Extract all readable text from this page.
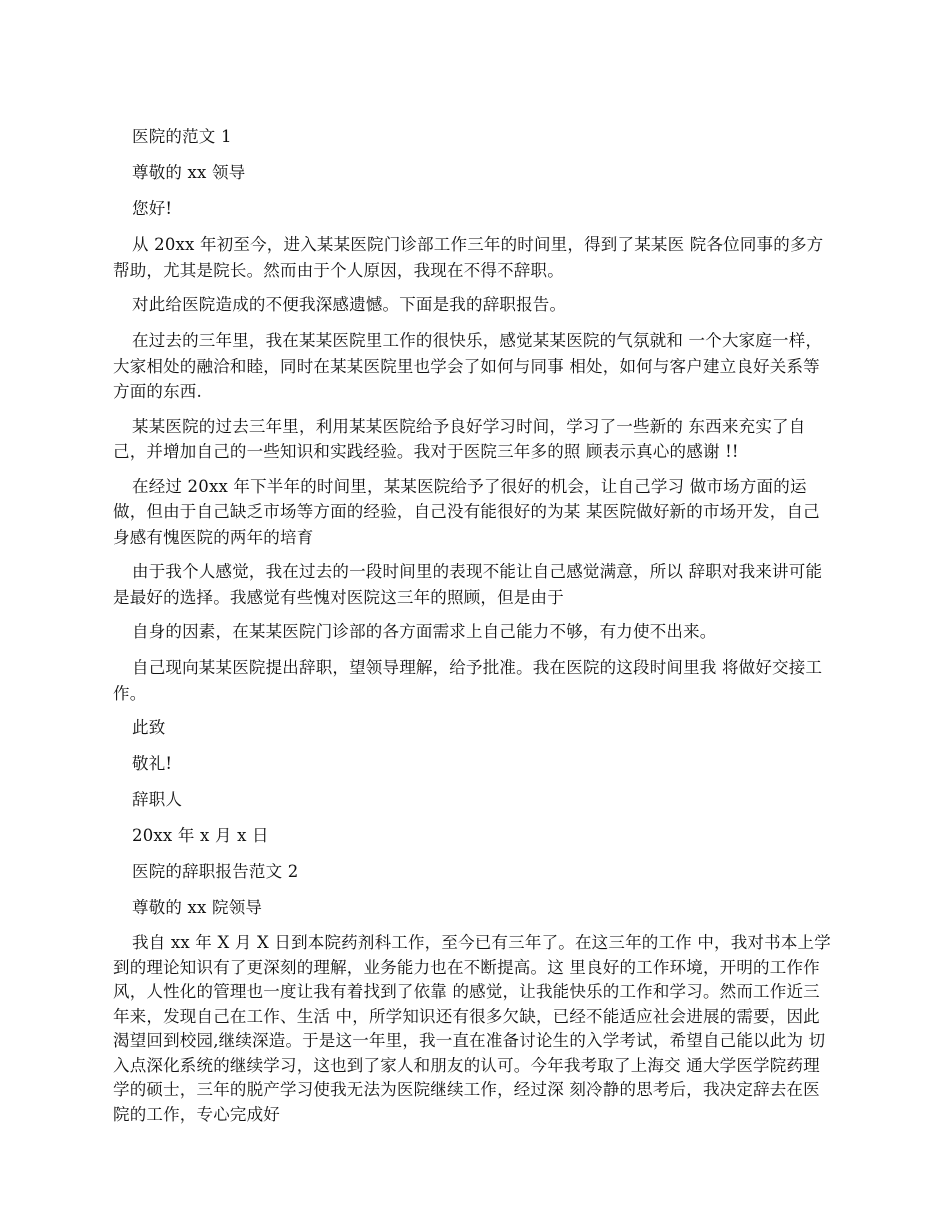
医院的范文 1

尊敬的 xx 领导

您好!

从 20xx 年初至今，进入某某医院门诊部工作三年的时间里，得到了某某医 院各位同事的多方帮助，尤其是院长。然而由于个人原因，我现在不得不辞职。

对此给医院造成的不便我深感遗憾。下面是我的辞职报告。

在过去的三年里，我在某某医院里工作的很快乐，感觉某某医院的气氛就和 一个大家庭一样，大家相处的融洽和睦，同时在某某医院里也学会了如何与同事 相处，如何与客户建立良好关系等方面的东西.

某某医院的过去三年里，利用某某医院给予良好学习时间，学习了一些新的 东西来充实了自己，并增加自己的一些知识和实践经验。我对于医院三年多的照 顾表示真心的感谢 !!

在经过 20xx 年下半年的时间里，某某医院给予了很好的机会，让自己学习 做市场方面的运做，但由于自己缺乏市场等方面的经验，自己没有能很好的为某 某医院做好新的市场开发，自己身感有愧医院的两年的培育

由于我个人感觉，我在过去的一段时间里的表现不能让自己感觉满意，所以 辞职对我来讲可能是最好的选择。我感觉有些愧对医院这三年的照顾，但是由于

自身的因素，在某某医院门诊部的各方面需求上自己能力不够，有力使不出来。

自己现向某某医院提出辞职，望领导理解，给予批准。我在医院的这段时间里我 将做好交接工作。

此致

敬礼!

辞职人

20xx 年 x 月 x 日

医院的辞职报告范文 2

尊敬的 xx 院领导

我自 xx 年 X 月 X 日到本院药剂科工作，至今已有三年了。在这三年的工作 中，我对书本上学到的理论知识有了更深刻的理解，业务能力也在不断提高。这 里良好的工作环境，开明的工作作风，人性化的管理也一度让我有着找到了依靠 的感觉，让我能快乐的工作和学习。然而工作近三年来，发现自己在工作、生活 中，所学知识还有很多欠缺，已经不能适应社会进展的需要，因此渴望回到校园,继续深造。于是这一年里，我一直在准备讨论生的入学考试，希望自己能以此为 切入点深化系统的继续学习，这也到了家人和朋友的认可。今年我考取了上海交 通大学医学院药理学的硕士，三年的脱产学习使我无法为医院继续工作，经过深 刻冷静的思考后，我决定辞去在医院的工作，专心完成好
